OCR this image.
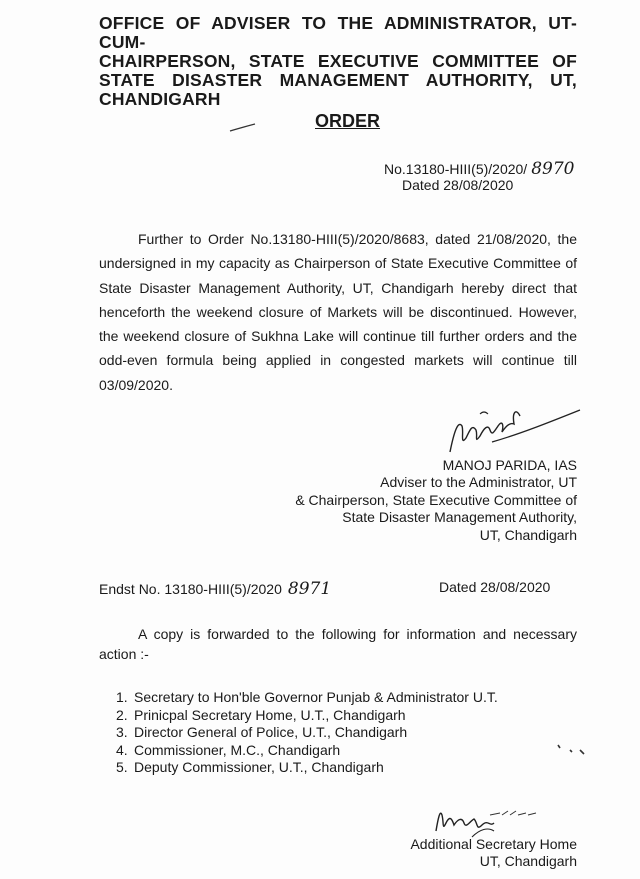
OFFICE OF ADVISER TO THE ADMINISTRATOR, UT-CUM-
CHAIRPERSON, STATE EXECUTIVE COMMITTEE OF
STATE DISASTER MANAGEMENT AUTHORITY, UT,
CHANDIGARH
ORDER
No.13180-HIII(5)/2020/ 8970
Dated 28/08/2020

Further to Order No.13180-HIII(5)/2020/8683, dated 21/08/2020, the undersigned in my capacity as Chairperson of State Executive Committee of State Disaster Management Authority, UT, Chandigarh hereby direct that henceforth the weekend closure of Markets will be discontinued. However, the weekend closure of Sukhna Lake will continue till further orders and the odd-even formula being applied in congested markets will continue till 03/09/2020.

MANOJ PARIDA, IAS
Adviser to the Administrator, UT
& Chairperson, State Executive Committee of
State Disaster Management Authority,
UT, Chandigarh
Endst No. 13180-HIII(5)/2020 8971	Dated 28/08/2020

A copy is forwarded to the following for information and necessary action :-

1. Secretary to Hon'ble Governor Punjab & Administrator U.T.
2. Prinicpal Secretary Home, U.T., Chandigarh
3. Director General of Police, U.T., Chandigarh
4. Commissioner, M.C., Chandigarh
5. Deputy Commissioner, U.T., Chandigarh
Additional Secretary Home
UT, Chandigarh
